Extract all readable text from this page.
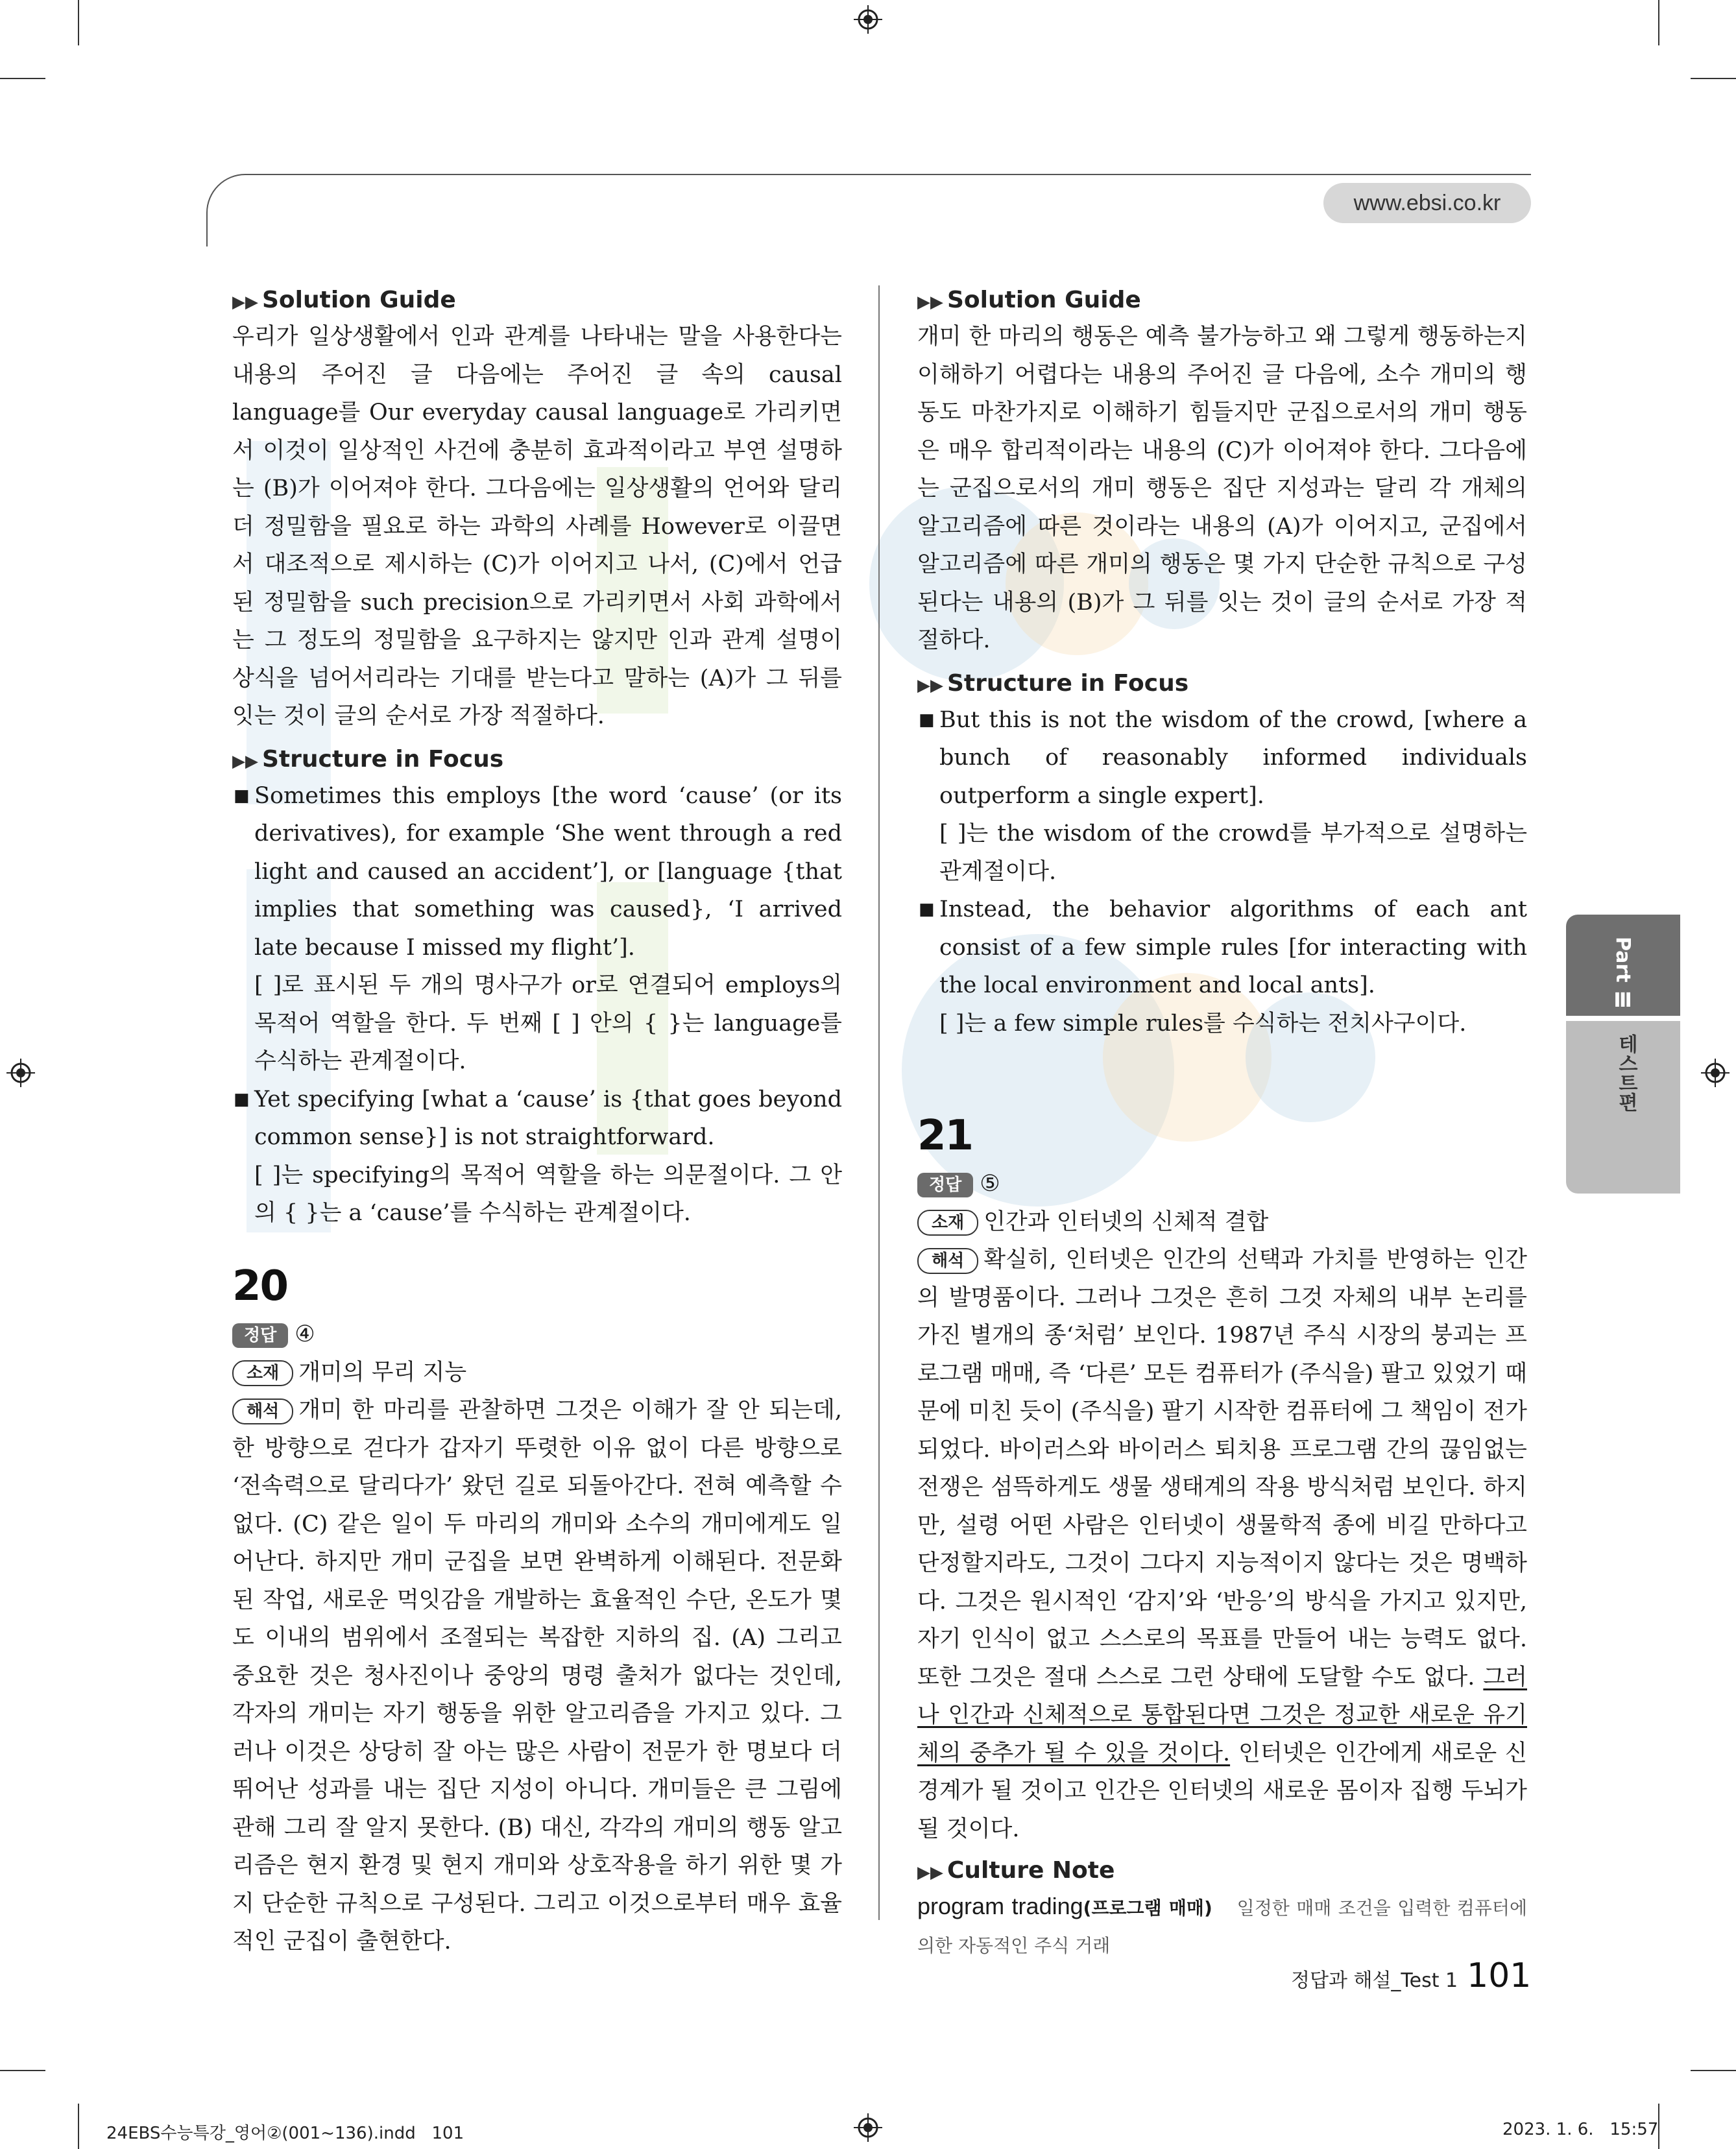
www.ebsi.co.kr
▶▶ Solution Guide

우리가 일상생활에서 인과 관계를 나타내는 말을 사용한다는 내용의 주어진 글 다음에는 주어진 글 속의 causal language를 Our everyday causal language로 가리키면서 이것이 일상적인 사건에 충분히 효과적이라고 부연 설명하는 (B)가 이어져야 한다. 그다음에는 일상생활의 언어와 달리 더 정밀함을 필요로 하는 과학의 사례를 However로 이끌면서 대조적으로 제시하는 (C)가 이어지고 나서, (C)에서 언급된 정밀함을 such precision으로 가리키면서 사회 과학에서는 그 정도의 정밀함을 요구하지는 않지만 인과 관계 설명이 상식을 넘어서리라는 기대를 받는다고 말하는 (A)가 그 뒤를 잇는 것이 글의 순서로 가장 적절하다.

▶▶ Structure in Focus
■ Sometimes this employs [the word ‘cause’ (or its derivatives), for example ‘She went through a red light and caused an accident’], or [language {that implies that something was caused}, ‘I arrived late because I missed my flight’].
[ ]로 표시된 두 개의 명사구가 or로 연결되어 employs의 목적어 역할을 한다. 두 번째 [ ] 안의 { }는 language를 수식하는 관계절이다.
■ Yet specifying [what a ‘cause’ is {that goes beyond common sense}] is not straightforward.
[ ]는 specifying의 목적어 역할을 하는 의문절이다. 그 안의 { }는 a ‘cause’를 수식하는 관계절이다.
20
정답 ④
소재 개미의 무리 지능

해석 개미 한 마리를 관찰하면 그것은 이해가 잘 안 되는데, 한 방향으로 걷다가 갑자기 뚜렷한 이유 없이 다른 방향으로 ‘전속력으로 달리다가’ 왔던 길로 되돌아간다. 전혀 예측할 수 없다. (C) 같은 일이 두 마리의 개미와 소수의 개미에게도 일어난다. 하지만 개미 군집을 보면 완벽하게 이해된다. 전문화된 작업, 새로운 먹잇감을 개발하는 효율적인 수단, 온도가 몇 도 이내의 범위에서 조절되는 복잡한 지하의 집. (A) 그리고 중요한 것은 청사진이나 중앙의 명령 출처가 없다는 것인데, 각자의 개미는 자기 행동을 위한 알고리즘을 가지고 있다. 그러나 이것은 상당히 잘 아는 많은 사람이 전문가 한 명보다 더 뛰어난 성과를 내는 집단 지성이 아니다. 개미들은 큰 그림에 관해 그리 잘 알지 못한다. (B) 대신, 각각의 개미의 행동 알고리즘은 현지 환경 및 현지 개미와 상호작용을 하기 위한 몇 가지 단순한 규칙으로 구성된다. 그리고 이것으로부터 매우 효율적인 군집이 출현한다.

▶▶ Solution Guide

개미 한 마리의 행동은 예측 불가능하고 왜 그렇게 행동하는지 이해하기 어렵다는 내용의 주어진 글 다음에, 소수 개미의 행동도 마찬가지로 이해하기 힘들지만 군집으로서의 개미 행동은 매우 합리적이라는 내용의 (C)가 이어져야 한다. 그다음에는 군집으로서의 개미 행동은 집단 지성과는 달리 각 개체의 알고리즘에 따른 것이라는 내용의 (A)가 이어지고, 군집에서 알고리즘에 따른 개미의 행동은 몇 가지 단순한 규칙으로 구성된다는 내용의 (B)가 그 뒤를 잇는 것이 글의 순서로 가장 적절하다.

▶▶ Structure in Focus
■ But this is not the wisdom of the crowd, [where a bunch of reasonably informed individuals outperform a single expert].
[ ]는 the wisdom of the crowd를 부가적으로 설명하는 관계절이다.
■ Instead, the behavior algorithms of each ant consist of a few simple rules [for interacting with the local environment and local ants].
[ ]는 a few simple rules를 수식하는 전치사구이다.
21
정답 ⑤
소재 인간과 인터넷의 신체적 결합

해석 확실히, 인터넷은 인간의 선택과 가치를 반영하는 인간의 발명품이다. 그러나 그것은 흔히 그것 자체의 내부 논리를 가진 별개의 종‘처럼’ 보인다. 1987년 주식 시장의 붕괴는 프로그램 매매, 즉 ‘다른’ 모든 컴퓨터가 (주식을) 팔고 있었기 때문에 미친 듯이 (주식을) 팔기 시작한 컴퓨터에 그 책임이 전가되었다. 바이러스와 바이러스 퇴치용 프로그램 간의 끊임없는 전쟁은 섬뜩하게도 생물 생태계의 작용 방식처럼 보인다. 하지만, 설령 어떤 사람은 인터넷이 생물학적 종에 비길 만하다고 단정할지라도, 그것이 그다지 지능적이지 않다는 것은 명백하다. 그것은 원시적인 ‘감지’와 ‘반응’의 방식을 가지고 있지만, 자기 인식이 없고 스스로의 목표를 만들어 내는 능력도 없다. 또한 그것은 절대 스스로 그런 상태에 도달할 수도 없다. 그러나 인간과 신체적으로 통합된다면 그것은 정교한 새로운 유기체의 중추가 될 수 있을 것이다. 인터넷은 인간에게 새로운 신경계가 될 것이고 인간은 인터넷의 새로운 몸이자 집행 두뇌가 될 것이다.

▶▶ Culture Note

program trading(프로그램 매매) 일정한 매매 조건을 입력한 컴퓨터에 의한 자동적인 주식 거래

Part Ⅲ
테스트편
정답과 해설_Test 1 101
24EBS수능특강_영어②(001~136).indd   101	2023. 1. 6.   15:57
